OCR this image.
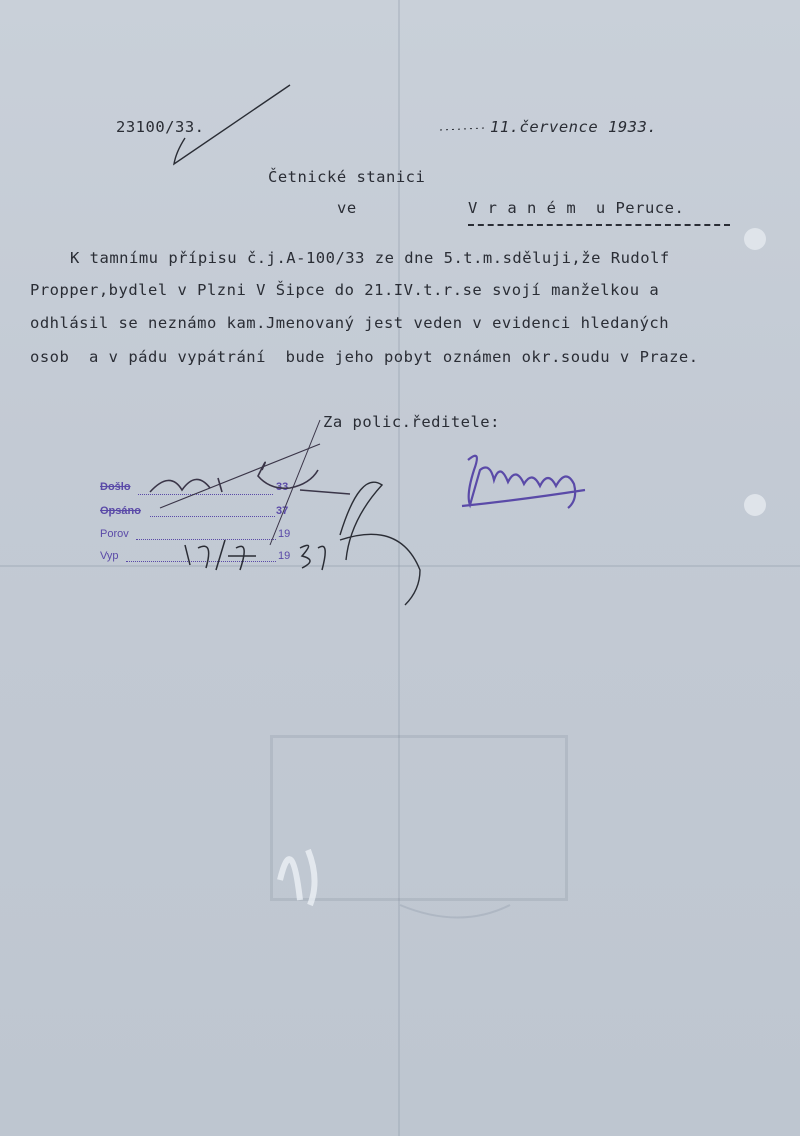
23100/33.	11.července 1933.
Četnické stanici
ve	V r a n é m  u Peruce.
K tamnímu přípisu č.j.A-100/33 ze dne 5.t.m.sděluji,že Rudolf
Propper,bydlel v Plzni V Šipce do 21.IV.t.r.se svojí manželkou a
odhlásil se neznámo kam.Jmenovaný jest veden v evidenci hledaných
osob  a v pádu vypátrání  bude jeho pobyt oznámen okr.soudu v Praze.
Za polic.ředitele:
Došlo	33
Opsáno	37
Porov	19
Vyp	19
